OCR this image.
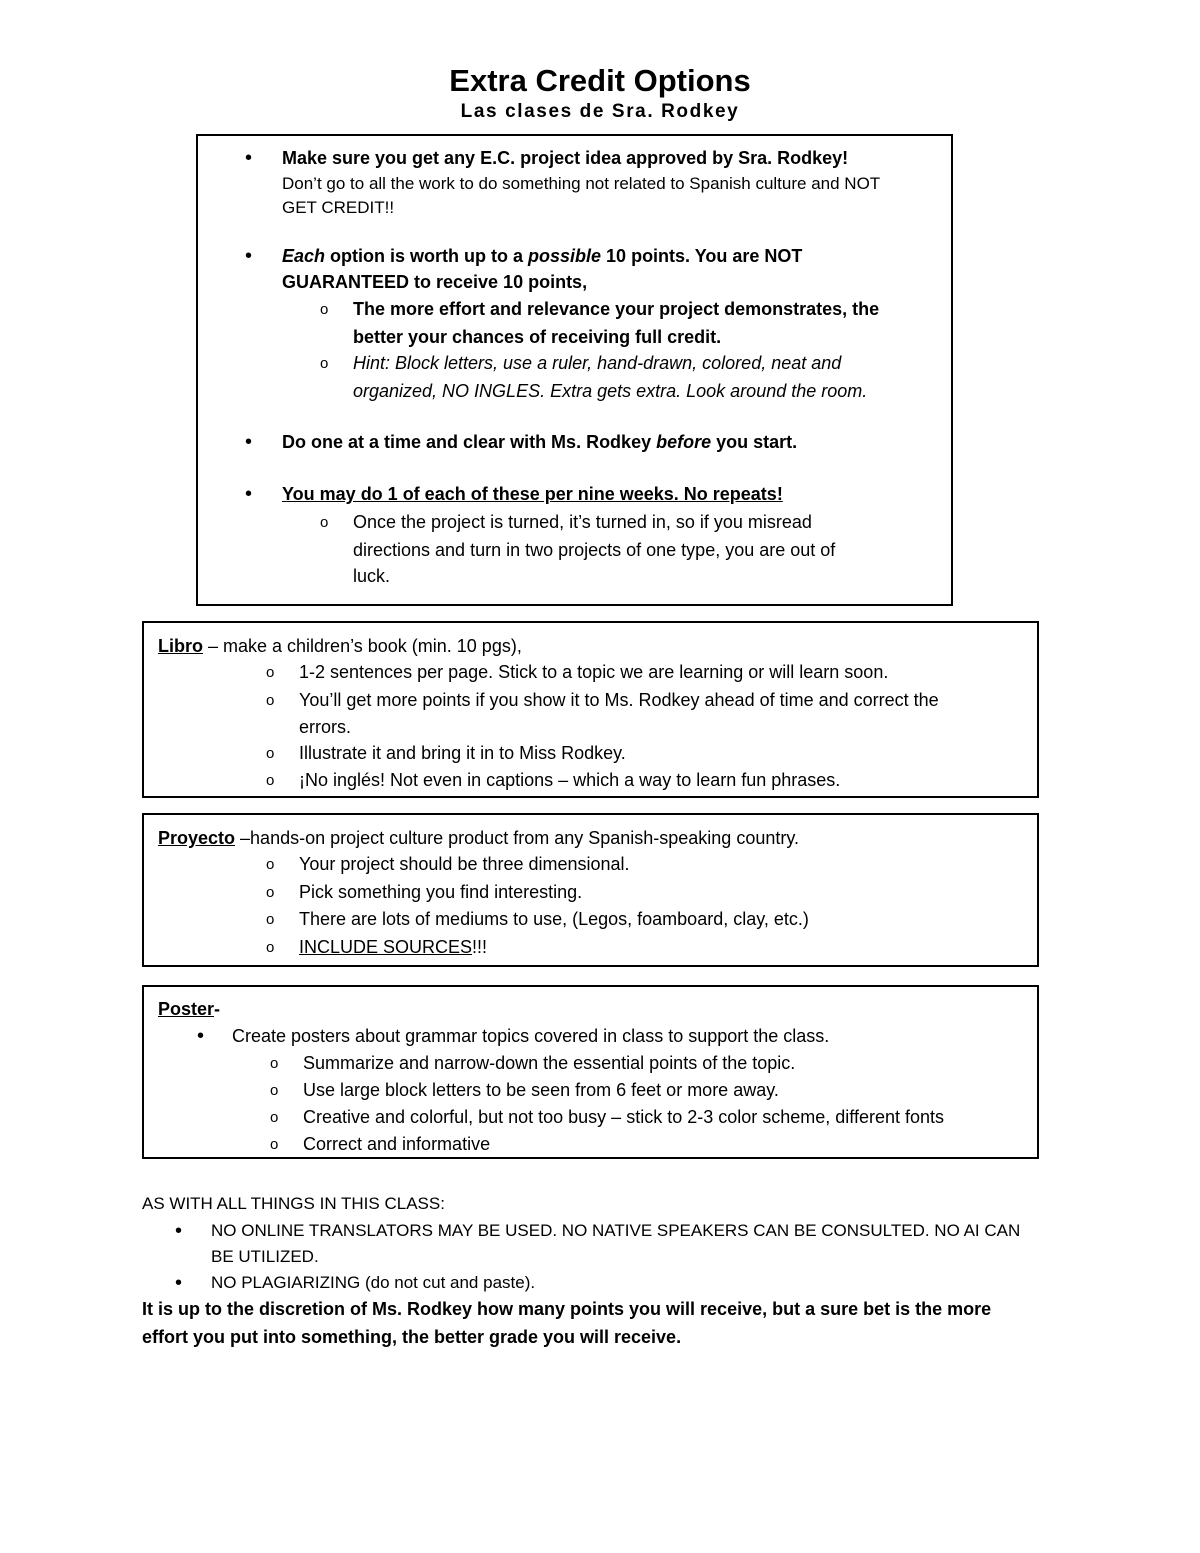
Extra Credit Options
Las clases de Sra. Rodkey
• Make sure you get any E.C. project idea approved by Sra. Rodkey!
Don’t go to all the work to do something not related to Spanish culture and NOT
GET CREDIT!!
• Each option is worth up to a possible 10 points. You are NOT
GUARANTEED to receive 10 points,
o The more effort and relevance your project demonstrates, the
better your chances of receiving full credit.
o Hint: Block letters, use a ruler, hand-drawn, colored, neat and
organized, NO INGLES. Extra gets extra. Look around the room.
• Do one at a time and clear with Ms. Rodkey before you start.
• You may do 1 of each of these per nine weeks. No repeats!
o Once the project is turned, it’s turned in, so if you misread
directions and turn in two projects of one type, you are out of
luck.
Libro – make a children’s book (min. 10 pgs),
o 1-2 sentences per page. Stick to a topic we are learning or will learn soon.
o You’ll get more points if you show it to Ms. Rodkey ahead of time and correct the
errors.
o Illustrate it and bring it in to Miss Rodkey.
o ¡No inglés! Not even in captions – which a way to learn fun phrases.
Proyecto –hands-on project culture product from any Spanish-speaking country.
o Your project should be three dimensional.
o Pick something you find interesting.
o There are lots of mediums to use, (Legos, foamboard, clay, etc.)
o INCLUDE SOURCES!!!
Poster-
• Create posters about grammar topics covered in class to support the class.
o Summarize and narrow-down the essential points of the topic.
o Use large block letters to be seen from 6 feet or more away.
o Creative and colorful, but not too busy – stick to 2-3 color scheme, different fonts
o Correct and informative
AS WITH ALL THINGS IN THIS CLASS:
• NO ONLINE TRANSLATORS MAY BE USED. NO NATIVE SPEAKERS CAN BE CONSULTED. NO AI CAN
BE UTILIZED.
• NO PLAGIARIZING (do not cut and paste).
It is up to the discretion of Ms. Rodkey how many points you will receive, but a sure bet is the more
effort you put into something, the better grade you will receive.
